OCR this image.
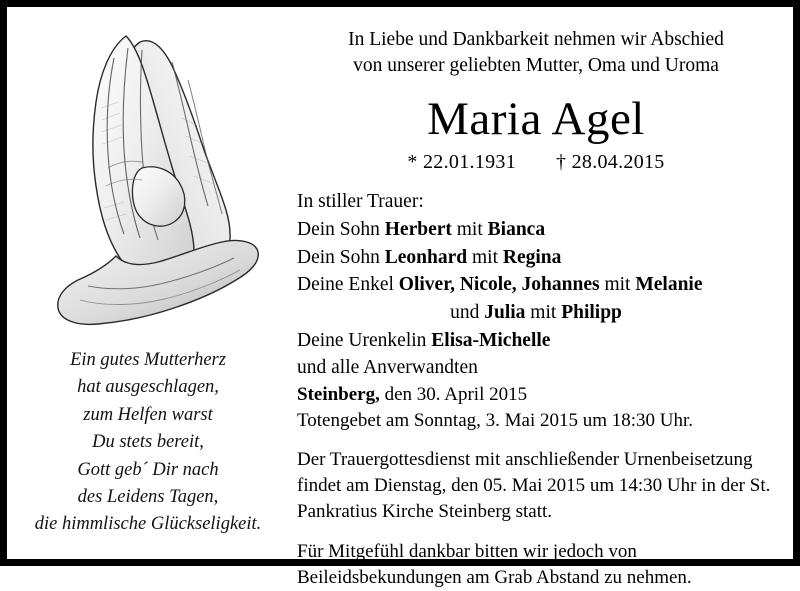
Ein gutes Mutterherz
hat ausgeschlagen,
zum Helfen warst
Du stets bereit,
Gott geb´ Dir nach
des Leidens Tagen,
die himmlische Glückseligkeit.
In Liebe und Dankbarkeit nehmen wir Abschied
von unserer geliebten Mutter, Oma und Uroma
Maria Agel
* 22.01.1931 † 28.04.2015
In stiller Trauer:
Dein Sohn Herbert mit Bianca
Dein Sohn Leonhard mit Regina
Deine Enkel Oliver, Nicole, Johannes mit Melanie
und Julia mit Philipp
Deine Urenkelin Elisa-Michelle
und alle Anverwandten
Steinberg, den 30. April 2015
Totengebet am Sonntag, 3. Mai 2015 um 18:30 Uhr.
Der Trauergottesdienst mit anschließender Urnenbeisetzung findet am Dienstag, den 05. Mai 2015 um 14:30 Uhr in der St. Pankratius Kirche Steinberg statt.
Für Mitgefühl dankbar bitten wir jedoch von Beileidsbekundungen am Grab Abstand zu nehmen.
